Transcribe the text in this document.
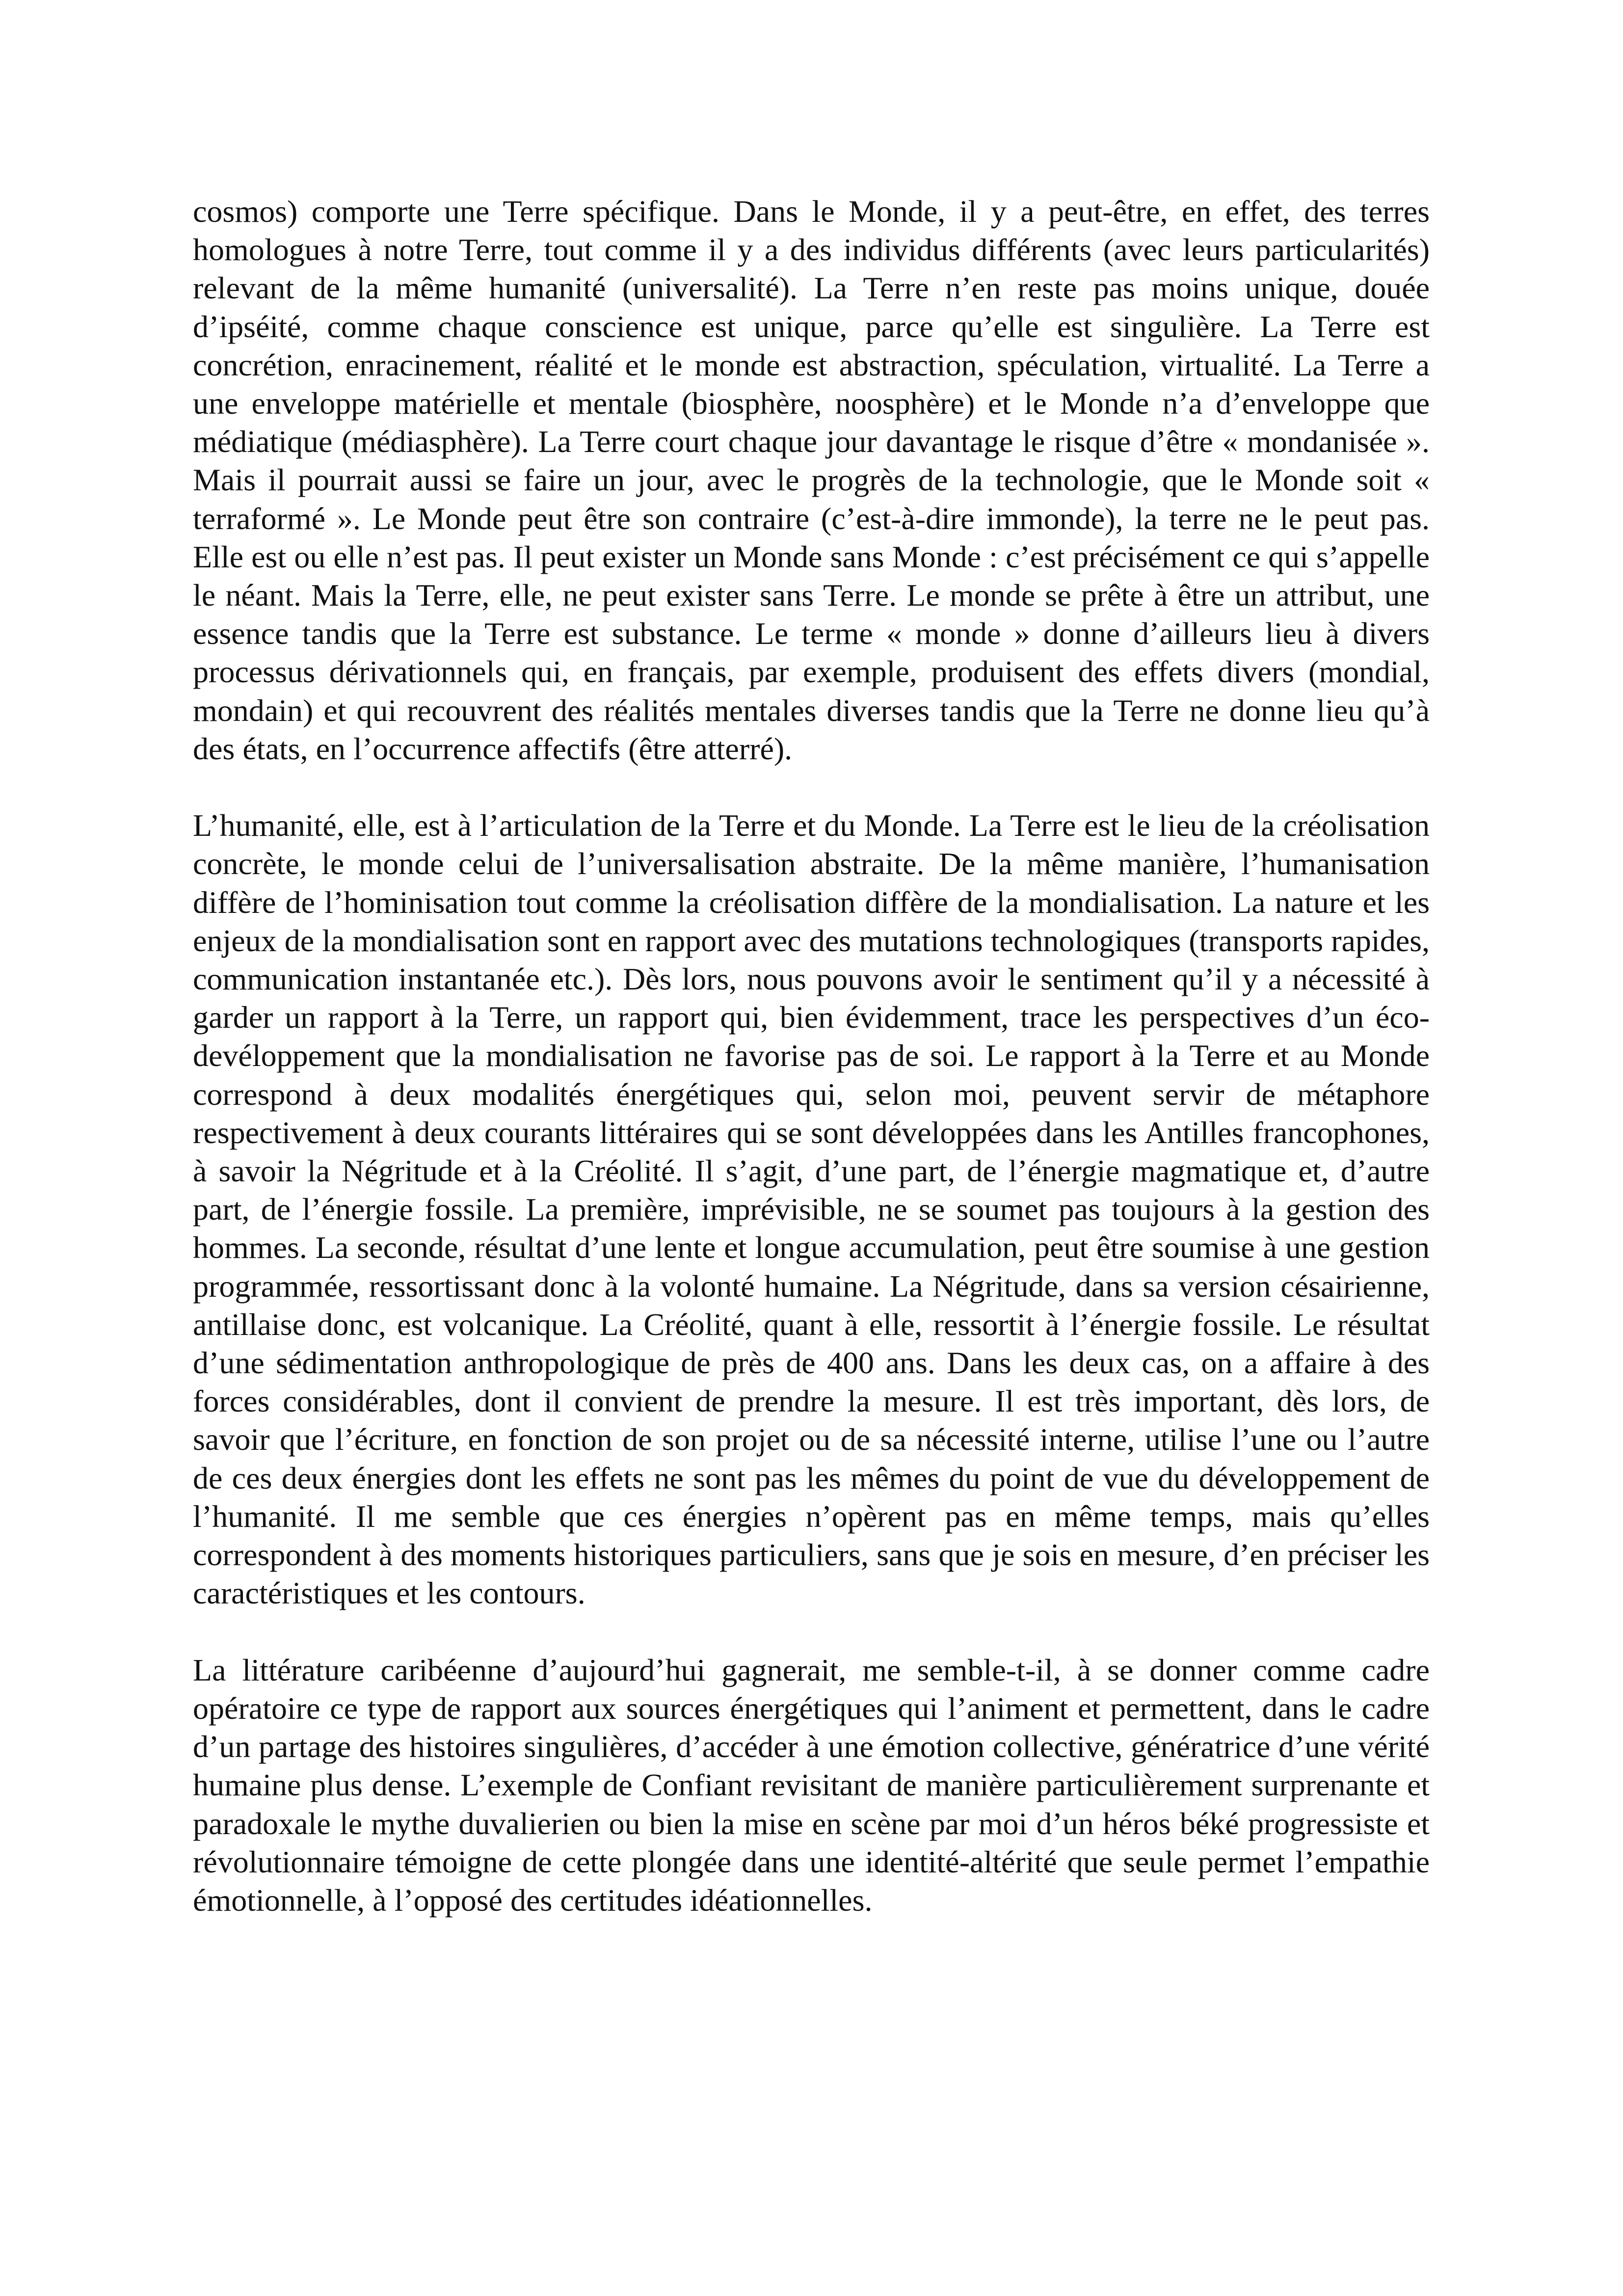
cosmos) comporte une Terre spécifique. Dans le Monde, il y a peut-être, en effet, des terres homologues à notre Terre, tout comme il y a des individus différents (avec leurs particularités) relevant de la même humanité (universalité). La Terre n’en reste pas moins unique, douée d’ipséité, comme chaque conscience est unique, parce qu’elle est singulière. La Terre est concrétion, enracinement, réalité et le monde est abstraction, spéculation, virtualité. La Terre a une enveloppe matérielle et mentale (biosphère, noosphère) et le Monde n’a d’enveloppe que médiatique (médiasphère). La Terre court chaque jour davantage le risque d’être « mondanisée ». Mais il pourrait aussi se faire un jour, avec le progrès de la technologie, que le Monde soit « terraformé ». Le Monde peut être son contraire (c’est-à-dire immonde), la terre ne le peut pas. Elle est ou elle n’est pas. Il peut exister un Monde sans Monde : c’est précisément ce qui s’appelle le néant. Mais la Terre, elle, ne peut exister sans Terre. Le monde se prête à être un attribut, une essence tandis que la Terre est substance. Le terme « monde » donne d’ailleurs lieu à divers processus dérivationnels qui, en français, par exemple, produisent des effets divers (mondial, mondain) et qui recouvrent des réalités mentales diverses tandis que la Terre ne donne lieu qu’à des états, en l’occurrence affectifs (être atterré).

L’humanité, elle, est à l’articulation de la Terre et du Monde. La Terre est le lieu de la créolisation concrète, le monde celui de l’universalisation abstraite. De la même manière, l’humanisation diffère de l’hominisation tout comme la créolisation diffère de la mondialisation. La nature et les enjeux de la mondialisation sont en rapport avec des mutations technologiques (transports rapides, communication instantanée etc.). Dès lors, nous pouvons avoir le sentiment qu’il y a nécessité à garder un rapport à la Terre, un rapport qui, bien évidemment, trace les perspectives d’un éco-devéloppement que la mondialisation ne favorise pas de soi. Le rapport à la Terre et au Monde correspond à deux modalités énergétiques qui, selon moi, peuvent servir de métaphore respectivement à deux courants littéraires qui se sont développées dans les Antilles francophones, à savoir la Négritude et à la Créolité. Il s’agit, d’une part, de l’énergie magmatique et, d’autre part, de l’énergie fossile. La première, imprévisible, ne se soumet pas toujours à la gestion des hommes. La seconde, résultat d’une lente et longue accumulation, peut être soumise à une gestion programmée, ressortissant donc à la volonté humaine. La Négritude, dans sa version césairienne, antillaise donc, est volcanique. La Créolité, quant à elle, ressortit à l’énergie fossile. Le résultat d’une sédimentation anthropologique de près de 400 ans. Dans les deux cas, on a affaire à des forces considérables, dont il convient de prendre la mesure. Il est très important, dès lors, de savoir que l’écriture, en fonction de son projet ou de sa nécessité interne, utilise l’une ou l’autre de ces deux énergies dont les effets ne sont pas les mêmes du point de vue du développement de l’humanité. Il me semble que ces énergies n’opèrent pas en même temps, mais qu’elles correspondent à des moments historiques particuliers, sans que je sois en mesure, d’en préciser les caractéristiques et les contours.

La littérature caribéenne d’aujourd’hui gagnerait, me semble-t-il, à se donner comme cadre opératoire ce type de rapport aux sources énergétiques qui l’animent et permettent, dans le cadre d’un partage des histoires singulières, d’accéder à une émotion collective, génératrice d’une vérité humaine plus dense. L’exemple de Confiant revisitant de manière particulièrement surprenante et paradoxale le mythe duvalierien ou bien la mise en scène par moi d’un héros béké progressiste et révolutionnaire témoigne de cette plongée dans une identité-altérité que seule permet l’empathie émotionnelle, à l’opposé des certitudes idéationnelles.
